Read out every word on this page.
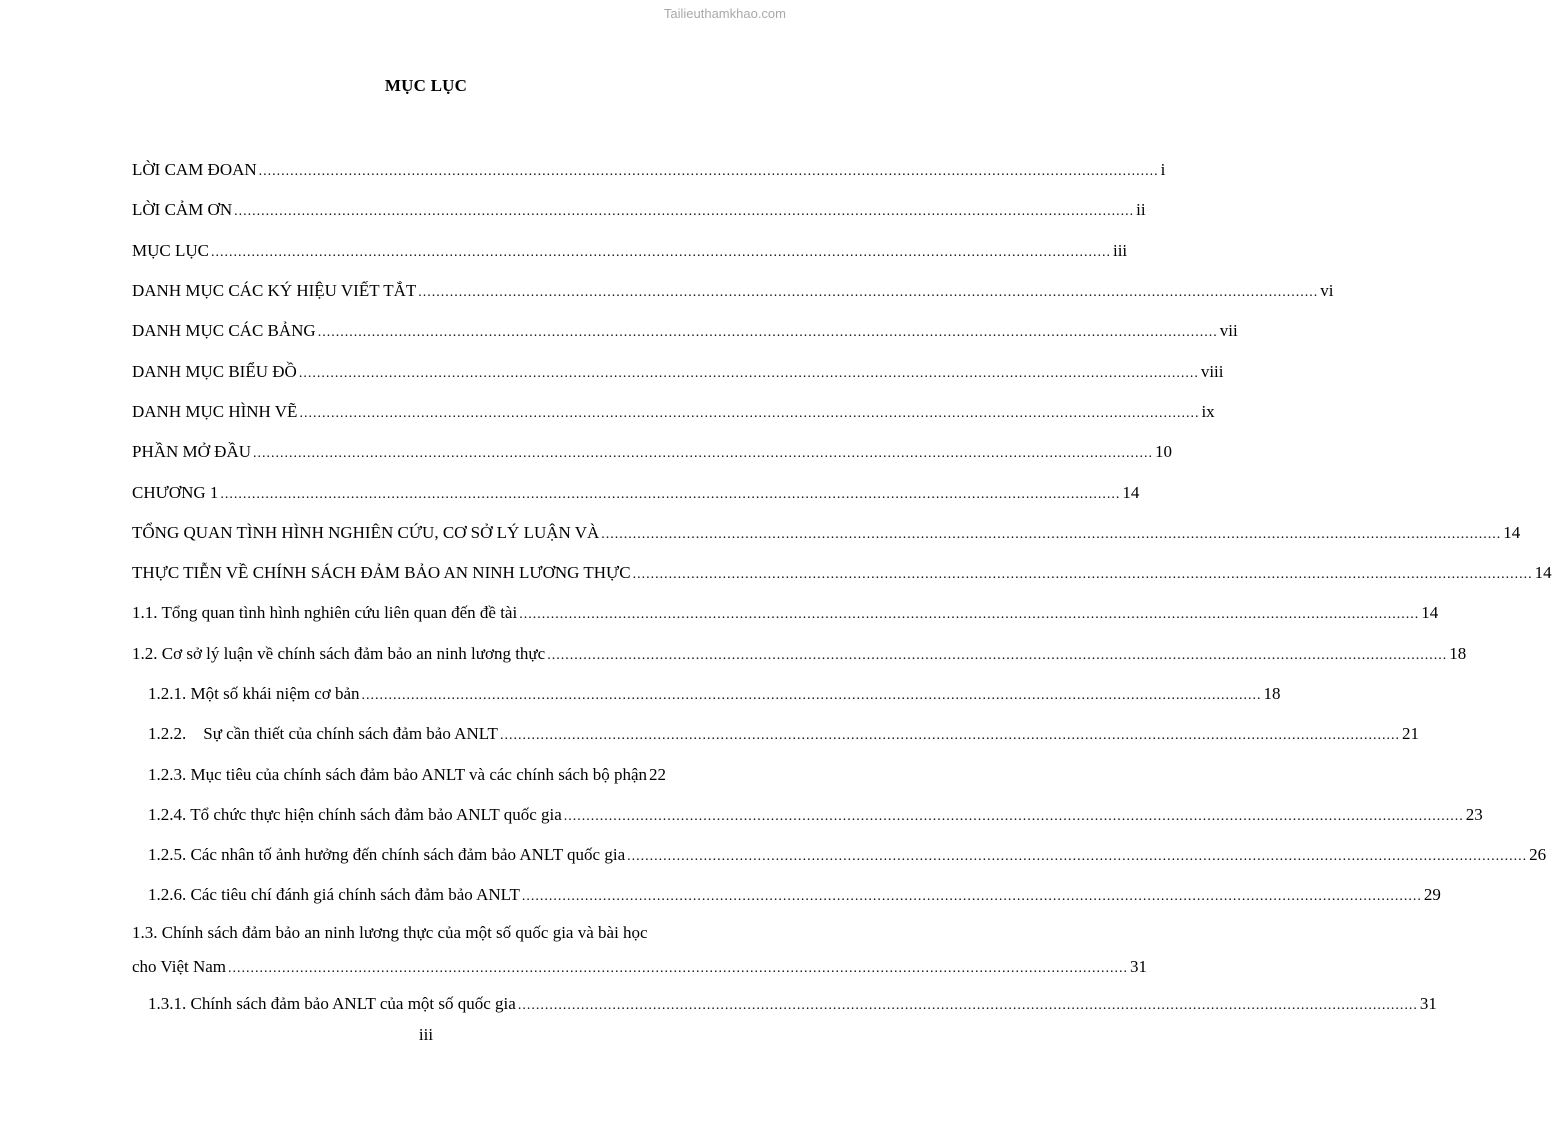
Tailieuthamkhao.com
MỤC LỤC
LỜI CAM ĐOAN ........................................................................................................................................................................................................ i
LỜI CẢM ƠN ........................................................................................................................................................................................................ ii
MỤC LỤC ........................................................................................................................................................................................................ iii
DANH MỤC CÁC KÝ HIỆU VIẾT TẮT ........................................................................................................................................................................................................ vi
DANH MỤC CÁC BẢNG ........................................................................................................................................................................................................ vii
DANH MỤC BIỂU ĐỒ ........................................................................................................................................................................................................ viii
DANH MỤC HÌNH VẼ ........................................................................................................................................................................................................ ix
PHẦN MỞ ĐẦU ........................................................................................................................................................................................................ 10
CHƯƠNG 1 ........................................................................................................................................................................................................ 14
TỔNG QUAN TÌNH HÌNH NGHIÊN CỨU, CƠ SỞ LÝ LUẬN VÀ ........................................................................................................................................................................................................ 14
THỰC TIỄN VỀ CHÍNH SÁCH ĐẢM BẢO AN NINH LƯƠNG THỰC ........................................................................................................................................................................................................ 14
1.1. Tổng quan tình hình nghiên cứu liên quan đến đề tài ........................................................................................................................................................................................................ 14
1.2. Cơ sở lý luận về chính sách đảm bảo an ninh lương thực ........................................................................................................................................................................................................ 18
1.2.1. Một số khái niệm cơ bản ........................................................................................................................................................................................................ 18
1.2.2.    Sự cần thiết của chính sách đảm bảo ANLT ........................................................................................................................................................................................................ 21
1.2.3. Mục tiêu của chính sách đảm bảo ANLT và các chính sách bộ phận 22
1.2.4. Tổ chức thực hiện chính sách đảm bảo ANLT quốc gia ........................................................................................................................................................................................................ 23
1.2.5. Các nhân tố ảnh hưởng đến chính sách đảm bảo ANLT quốc gia ........................................................................................................................................................................................................ 26
1.2.6. Các tiêu chí đánh giá chính sách đảm bảo ANLT ........................................................................................................................................................................................................ 29
1.3. Chính sách đảm bảo an ninh lương thực của một số quốc gia và bài học
cho Việt Nam ........................................................................................................................................................................................................ 31
1.3.1. Chính sách đảm bảo ANLT của một số quốc gia ........................................................................................................................................................................................................ 31
iii
